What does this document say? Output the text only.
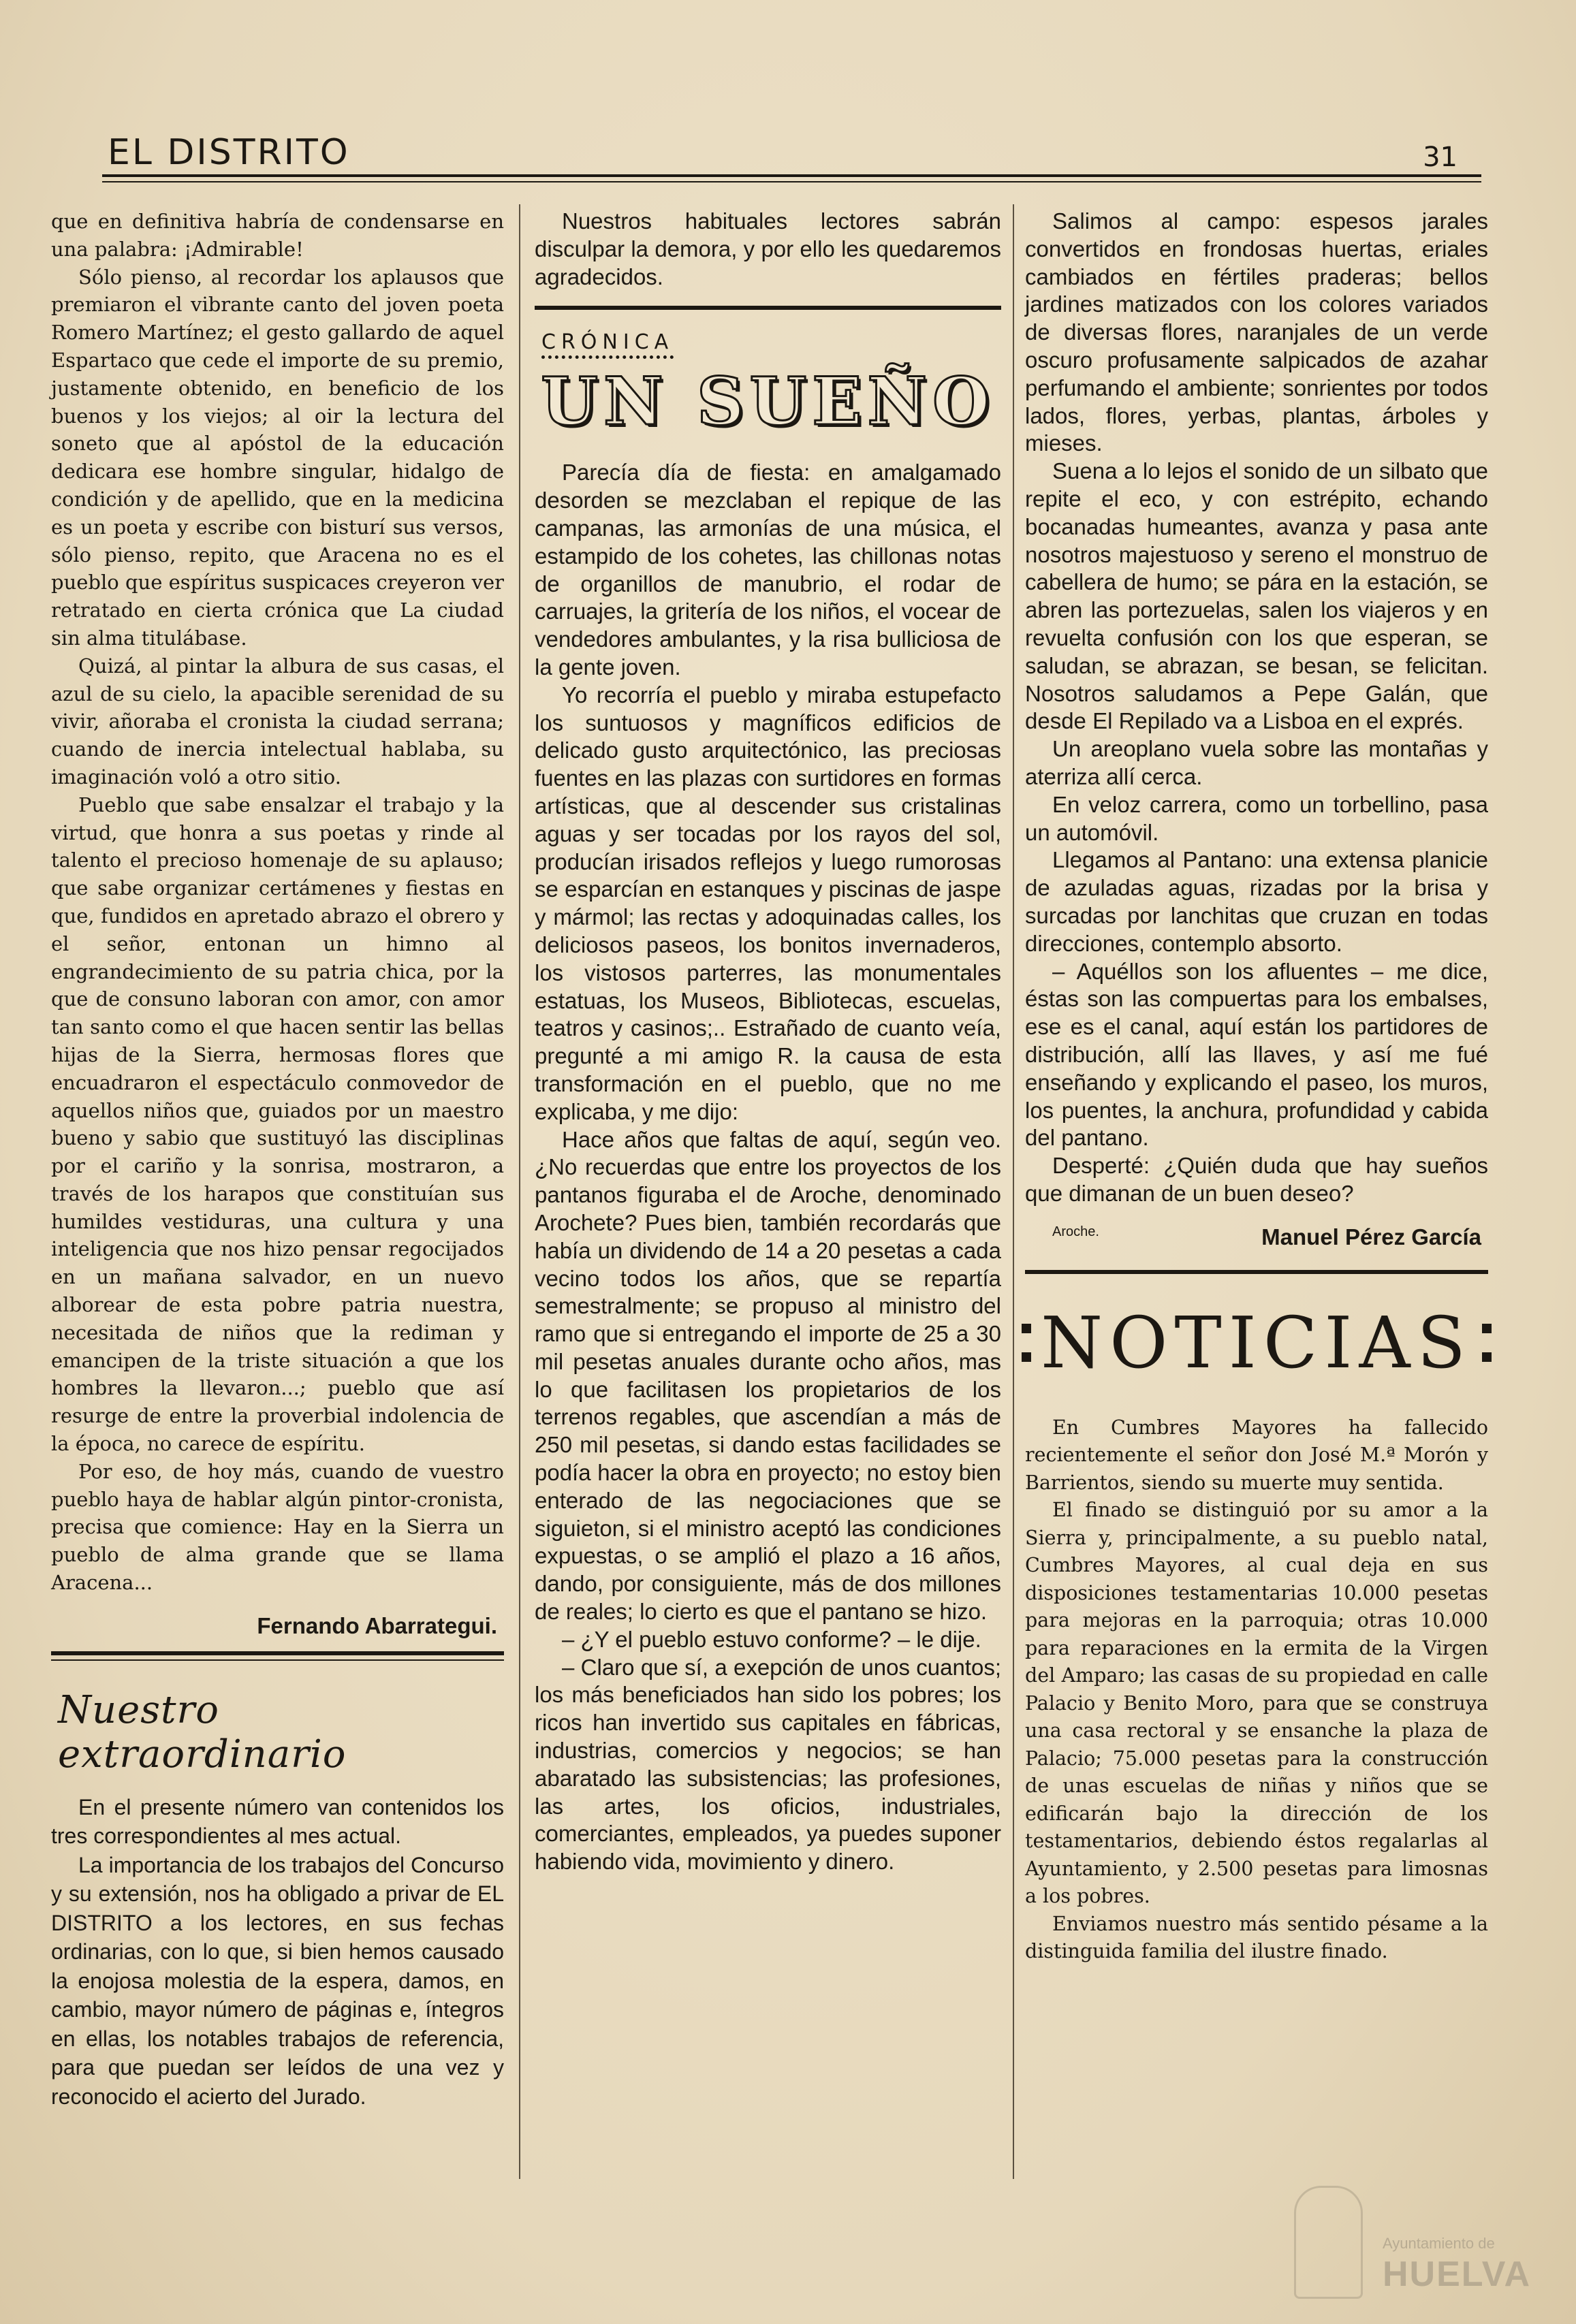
EL DISTRITO	31

que en definitiva habría de condensarse en una palabra: ¡Admirable!

Sólo pienso, al recordar los aplausos que premiaron el vibrante canto del joven poeta Romero Martínez; el gesto gallardo de aquel Espartaco que cede el importe de su premio, justamente obtenido, en beneficio de los buenos y los viejos; al oir la lectura del soneto que al apóstol de la educación dedicara ese hombre singular, hidalgo de condición y de apellido, que en la medicina es un poeta y escribe con bisturí sus versos, sólo pienso, repito, que Aracena no es el pueblo que espíritus suspicaces creyeron ver retratado en cierta crónica que La ciudad sin alma titulábase.

Quizá, al pintar la albura de sus casas, el azul de su cielo, la apacible serenidad de su vivir, añoraba el cronista la ciudad serrana; cuando de inercia intelectual hablaba, su imaginación voló a otro sitio.

Pueblo que sabe ensalzar el trabajo y la virtud, que honra a sus poetas y rinde al talento el precioso homenaje de su aplauso; que sabe organizar certámenes y fiestas en que, fundidos en apretado abrazo el obrero y el señor, entonan un himno al engrandecimiento de su patria chica, por la que de consuno laboran con amor, con amor tan santo como el que hacen sentir las bellas hijas de la Sierra, hermosas flores que encuadraron el espectáculo conmovedor de aquellos niños que, guiados por un maestro bueno y sabio que sustituyó las disciplinas por el cariño y la sonrisa, mostraron, a través de los harapos que constituían sus humildes vestiduras, una cultura y una inteligencia que nos hizo pensar regocijados en un mañana salvador, en un nuevo alborear de esta pobre patria nuestra, necesitada de niños que la rediman y emancipen de la triste situación a que los hombres la llevaron...; pueblo que así resurge de entre la proverbial indolencia de la época, no carece de espíritu.

Por eso, de hoy más, cuando de vuestro pueblo haya de hablar algún pintor-cronista, precisa que comience: Hay en la Sierra un pueblo de alma grande que se llama Aracena...

Fernando Abarrategui.
Nuestro extraordinario

En el presente número van contenidos los tres correspondientes al mes actual.

La importancia de los trabajos del Concurso y su extensión, nos ha obligado a privar de EL DISTRITO a los lectores, en sus fechas ordinarias, con lo que, si bien hemos causado la enojosa molestia de la espera, damos, en cambio, mayor número de páginas e, íntegros en ellas, los notables trabajos de referencia, para que puedan ser leídos de una vez y reconocido el acierto del Jurado.

Nuestros habituales lectores sabrán disculpar la demora, y por ello les quedaremos agradecidos.

CRÓNICA
UN SUEÑO

Parecía día de fiesta: en amalgamado desorden se mezclaban el repique de las campanas, las armonías de una música, el estampido de los cohetes, las chillonas notas de organillos de manubrio, el rodar de carruajes, la gritería de los niños, el vocear de vendedores ambulantes, y la risa bulliciosa de la gente joven.

Yo recorría el pueblo y miraba estupefacto los suntuosos y magníficos edificios de delicado gusto arquitectónico, las preciosas fuentes en las plazas con surtidores en formas artísticas, que al descender sus cristalinas aguas y ser tocadas por los rayos del sol, producían irisados reflejos y luego rumorosas se esparcían en estanques y piscinas de jaspe y mármol; las rectas y adoquinadas calles, los deliciosos paseos, los bonitos invernaderos, los vistosos parterres, las monumentales estatuas, los Museos, Bibliotecas, escuelas, teatros y casinos;.. Estrañado de cuanto veía, pregunté a mi amigo R. la causa de esta transformación en el pueblo, que no me explicaba, y me dijo:

Hace años que faltas de aquí, según veo. ¿No recuerdas que entre los proyectos de los pantanos figuraba el de Aroche, denominado Arochete? Pues bien, también recordarás que había un dividendo de 14 a 20 pesetas a cada vecino todos los años, que se repartía semestralmente; se propuso al ministro del ramo que si entregando el importe de 25 a 30 mil pesetas anuales durante ocho años, mas lo que facilitasen los propietarios de los terrenos regables, que ascendían a más de 250 mil pesetas, si dando estas facilidades se podía hacer la obra en proyecto; no estoy bien enterado de las negociaciones que se siguieton, si el ministro aceptó las condiciones expuestas, o se amplió el plazo a 16 años, dando, por consiguiente, más de dos millones de reales; lo cierto es que el pantano se hizo.

– ¿Y el pueblo estuvo conforme? – le dije.

– Claro que sí, a exepción de unos cuantos; los más beneficiados han sido los pobres; los ricos han invertido sus capitales en fábricas, industrias, comercios y negocios; se han abaratado las subsistencias; las profesiones, las artes, los oficios, industriales, comerciantes, empleados, ya puedes suponer habiendo vida, movimiento y dinero.

Salimos al campo: espesos jarales convertidos en frondosas huertas, eriales cambiados en fértiles praderas; bellos jardines matizados con los colores variados de diversas flores, naranjales de un verde oscuro profusamente salpicados de azahar perfumando el ambiente; sonrientes por todos lados, flores, yerbas, plantas, árboles y mieses.

Suena a lo lejos el sonido de un silbato que repite el eco, y con estrépito, echando bocanadas humeantes, avanza y pasa ante nosotros majestuoso y sereno el monstruo de cabellera de humo; se pára en la estación, se abren las portezuelas, salen los viajeros y en revuelta confusión con los que esperan, se saludan, se abrazan, se besan, se felicitan. Nosotros saludamos a Pepe Galán, que desde El Repilado va a Lisboa en el exprés.

Un areoplano vuela sobre las montañas y aterriza allí cerca.

En veloz carrera, como un torbellino, pasa un automóvil.

Llegamos al Pantano: una extensa planicie de azuladas aguas, rizadas por la brisa y surcadas por lanchitas que cruzan en todas direcciones, contemplo absorto.

– Aquéllos son los afluentes – me dice, éstas son las compuertas para los embalses, ese es el canal, aquí están los partidores de distribución, allí las llaves, y así me fué enseñando y explicando el paseo, los muros, los puentes, la anchura, profundidad y cabida del pantano.

Desperté: ¿Quién duda que hay sueños que dimanan de un buen deseo?

Manuel Pérez García
Aroche.
NOTICIAS

En Cumbres Mayores ha fallecido recientemente el señor don José M.ª Morón y Barrientos, siendo su muerte muy sentida.

El finado se distinguió por su amor a la Sierra y, principalmente, a su pueblo natal, Cumbres Mayores, al cual deja en sus disposiciones testamentarias 10.000 pesetas para mejoras en la parroquia; otras 10.000 para reparaciones en la ermita de la Virgen del Amparo; las casas de su propiedad en calle Palacio y Benito Moro, para que se construya una casa rectoral y se ensanche la plaza de Palacio; 75.000 pesetas para la construcción de unas escuelas de niñas y niños que se edificarán bajo la dirección de los testamentarios, debiendo éstos regalarlas al Ayuntamiento, y 2.500 pesetas para limosnas a los pobres.

Enviamos nuestro más sentido pésame a la distinguida familia del ilustre finado.

Ayuntamiento de
HUELVA
